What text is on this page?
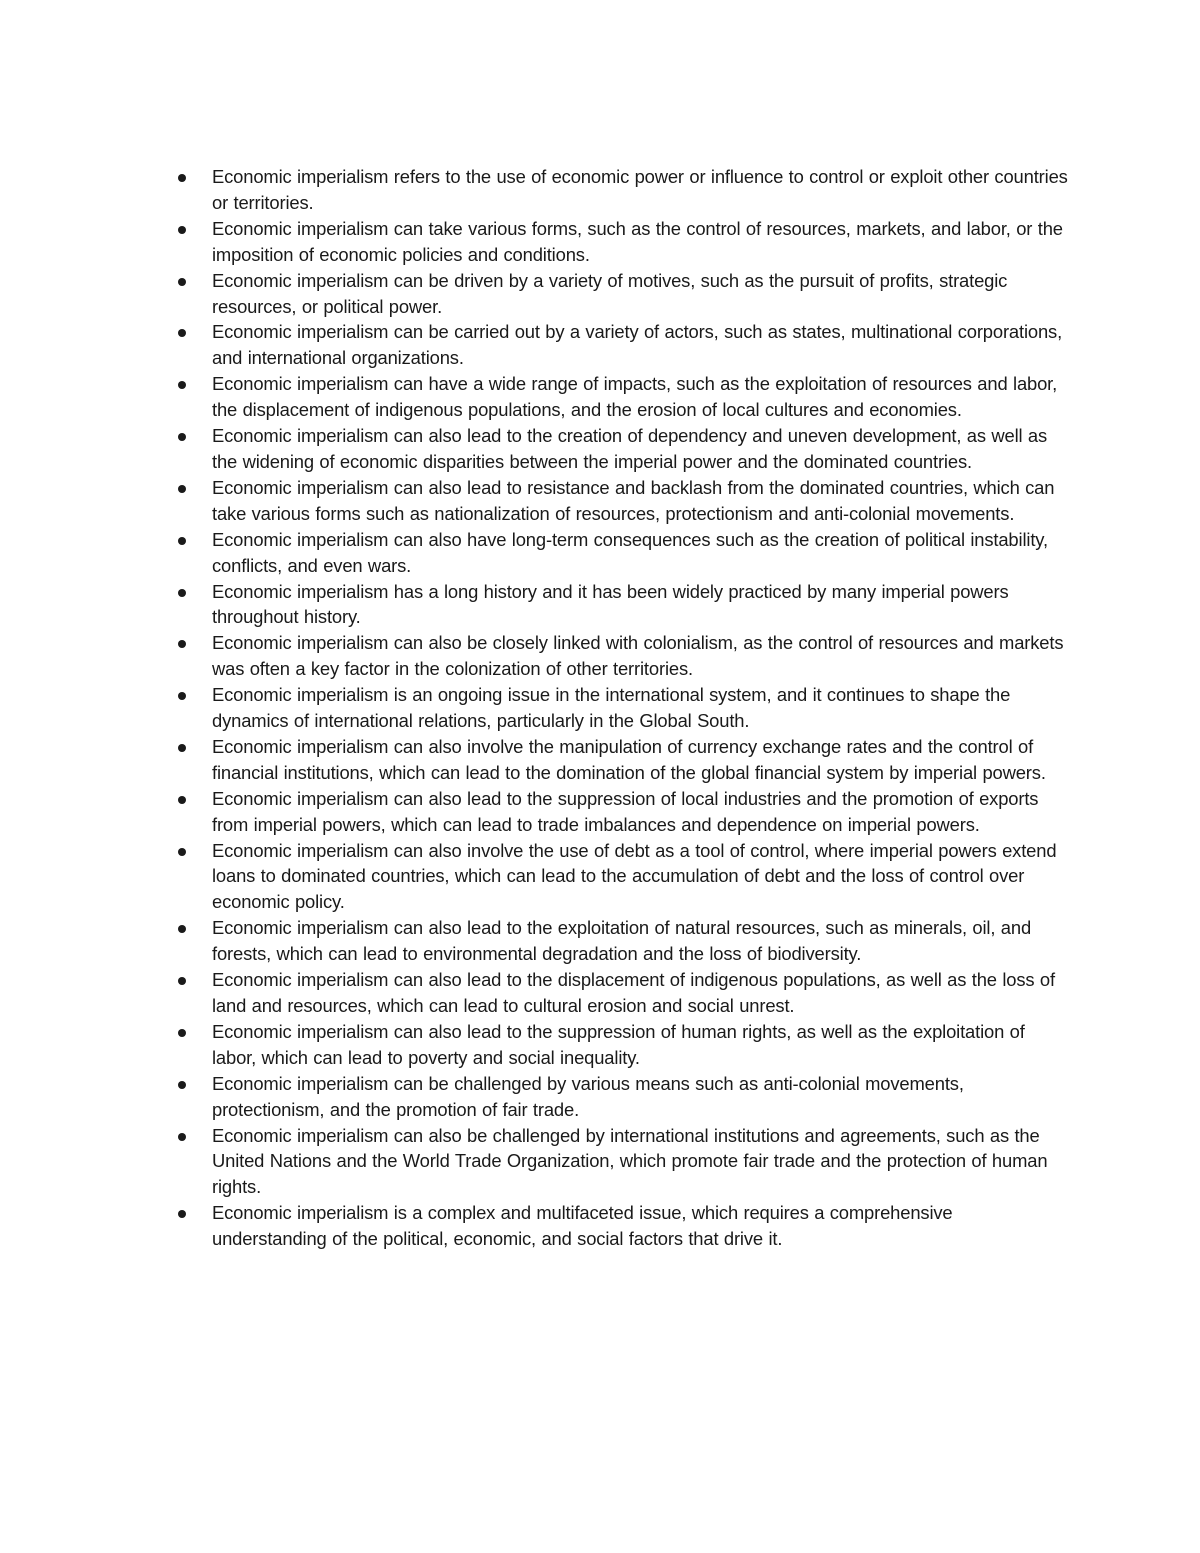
Economic imperialism refers to the use of economic power or influence to control or exploit other countries or territories.
Economic imperialism can take various forms, such as the control of resources, markets, and labor, or the imposition of economic policies and conditions.
Economic imperialism can be driven by a variety of motives, such as the pursuit of profits, strategic resources, or political power.
Economic imperialism can be carried out by a variety of actors, such as states, multinational corporations, and international organizations.
Economic imperialism can have a wide range of impacts, such as the exploitation of resources and labor, the displacement of indigenous populations, and the erosion of local cultures and economies.
Economic imperialism can also lead to the creation of dependency and uneven development, as well as the widening of economic disparities between the imperial power and the dominated countries.
Economic imperialism can also lead to resistance and backlash from the dominated countries, which can take various forms such as nationalization of resources, protectionism and anti-colonial movements.
Economic imperialism can also have long-term consequences such as the creation of political instability, conflicts, and even wars.
Economic imperialism has a long history and it has been widely practiced by many imperial powers throughout history.
Economic imperialism can also be closely linked with colonialism, as the control of resources and markets was often a key factor in the colonization of other territories.
Economic imperialism is an ongoing issue in the international system, and it continues to shape the dynamics of international relations, particularly in the Global South.
Economic imperialism can also involve the manipulation of currency exchange rates and the control of financial institutions, which can lead to the domination of the global financial system by imperial powers.
Economic imperialism can also lead to the suppression of local industries and the promotion of exports from imperial powers, which can lead to trade imbalances and dependence on imperial powers.
Economic imperialism can also involve the use of debt as a tool of control, where imperial powers extend loans to dominated countries, which can lead to the accumulation of debt and the loss of control over economic policy.
Economic imperialism can also lead to the exploitation of natural resources, such as minerals, oil, and forests, which can lead to environmental degradation and the loss of biodiversity.
Economic imperialism can also lead to the displacement of indigenous populations, as well as the loss of land and resources, which can lead to cultural erosion and social unrest.
Economic imperialism can also lead to the suppression of human rights, as well as the exploitation of labor, which can lead to poverty and social inequality.
Economic imperialism can be challenged by various means such as anti-colonial movements, protectionism, and the promotion of fair trade.
Economic imperialism can also be challenged by international institutions and agreements, such as the United Nations and the World Trade Organization, which promote fair trade and the protection of human rights.
Economic imperialism is a complex and multifaceted issue, which requires a comprehensive understanding of the political, economic, and social factors that drive it.
